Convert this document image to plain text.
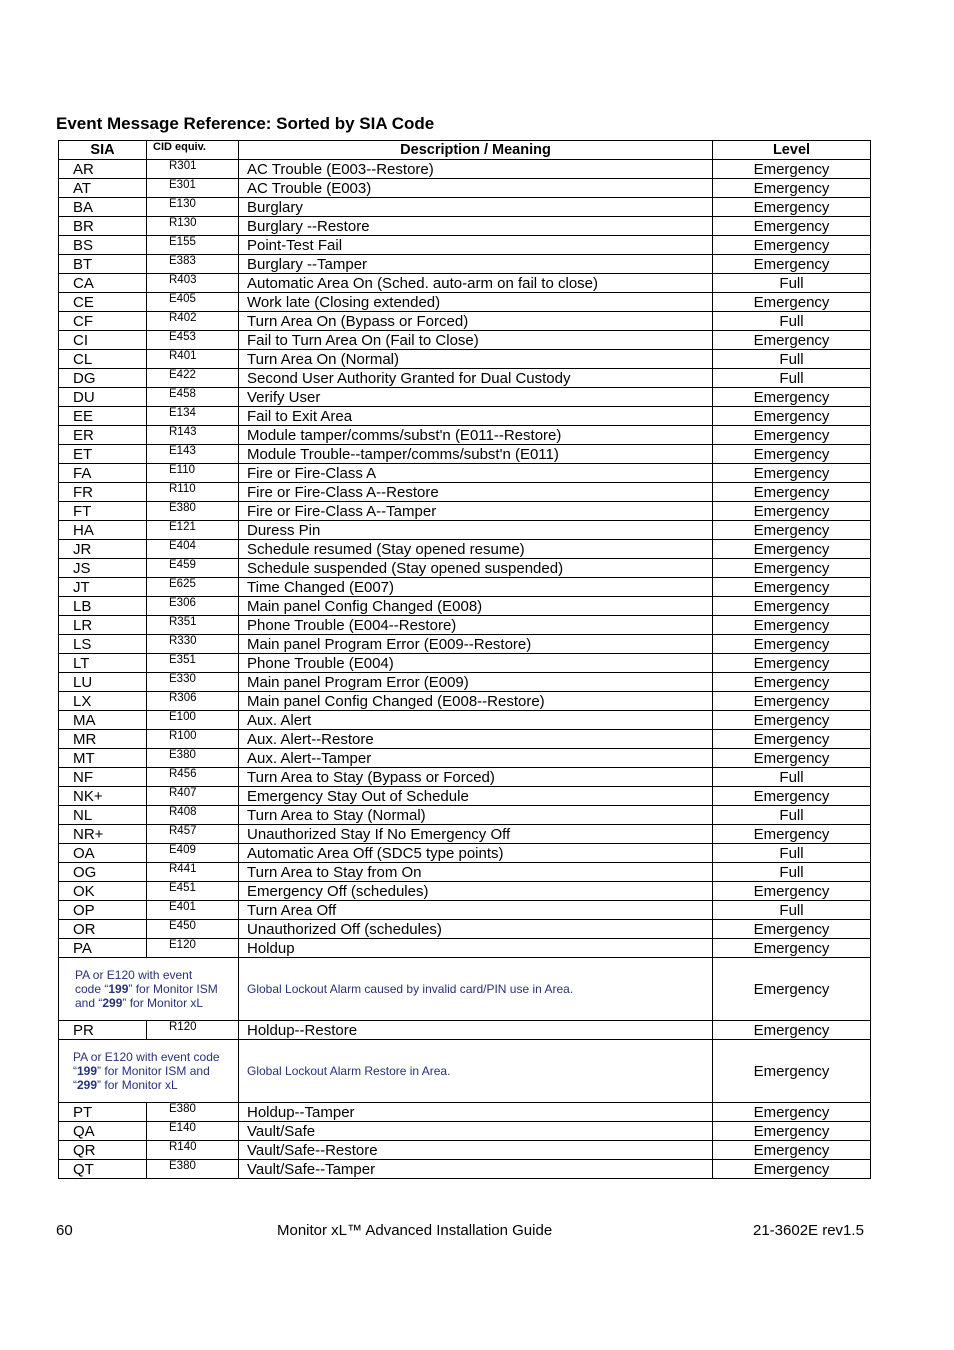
Event Message Reference: Sorted by SIA Code
SIA	CID equiv.	Description / Meaning	Level
AR	R301	AC Trouble (E003--Restore)	Emergency
AT	E301	AC Trouble (E003)	Emergency
BA	E130	Burglary	Emergency
BR	R130	Burglary --Restore	Emergency
BS	E155	Point-Test Fail	Emergency
BT	E383	Burglary --Tamper	Emergency
CA	R403	Automatic Area On (Sched. auto-arm on fail to close)	Full
CE	E405	Work late (Closing extended)	Emergency
CF	R402	Turn Area On (Bypass or Forced)	Full
CI	E453	Fail to Turn Area On (Fail to Close)	Emergency
CL	R401	Turn Area On (Normal)	Full
DG	E422	Second User Authority Granted for Dual Custody	Full
DU	E458	Verify User	Emergency
EE	E134	Fail to Exit Area	Emergency
ER	R143	Module tamper/comms/subst'n (E011--Restore)	Emergency
ET	E143	Module Trouble--tamper/comms/subst'n (E011)	Emergency
FA	E110	Fire or Fire-Class A	Emergency
FR	R110	Fire or Fire-Class A--Restore	Emergency
FT	E380	Fire or Fire-Class A--Tamper	Emergency
HA	E121	Duress Pin	Emergency
JR	E404	Schedule resumed (Stay opened resume)	Emergency
JS	E459	Schedule suspended (Stay opened suspended)	Emergency
JT	E625	Time Changed (E007)	Emergency
LB	E306	Main panel Config Changed (E008)	Emergency
LR	R351	Phone Trouble (E004--Restore)	Emergency
LS	R330	Main panel Program Error (E009--Restore)	Emergency
LT	E351	Phone Trouble (E004)	Emergency
LU	E330	Main panel Program Error (E009)	Emergency
LX	R306	Main panel Config Changed (E008--Restore)	Emergency
MA	E100	Aux. Alert	Emergency
MR	R100	Aux. Alert--Restore	Emergency
MT	E380	Aux. Alert--Tamper	Emergency
NF	R456	Turn Area to Stay (Bypass or Forced)	Full
NK+	R407	Emergency Stay Out of Schedule	Emergency
NL	R408	Turn Area to Stay (Normal)	Full
NR+	R457	Unauthorized Stay If No Emergency Off	Emergency
OA	E409	Automatic Area Off (SDC5 type points)	Full
OG	R441	Turn Area to Stay from On	Full
OK	E451	Emergency Off (schedules)	Emergency
OP	E401	Turn Area Off	Full
OR	E450	Unauthorized Off (schedules)	Emergency
PA	E120	Holdup	Emergency
PA or E120 with event
code “199” for Monitor ISM
and “299” for Monitor xL		Global Lockout Alarm caused by invalid card/PIN use in Area.	Emergency
PR	R120	Holdup--Restore	Emergency
PA or E120 with event code
“199” for Monitor ISM and
“299” for Monitor xL		Global Lockout Alarm Restore in Area.	Emergency
PT	E380	Holdup--Tamper	Emergency
QA	E140	Vault/Safe	Emergency
QR	R140	Vault/Safe--Restore	Emergency
QT	E380	Vault/Safe--Tamper	Emergency
60	Monitor xL™ Advanced Installation Guide	21-3602E rev1.5
